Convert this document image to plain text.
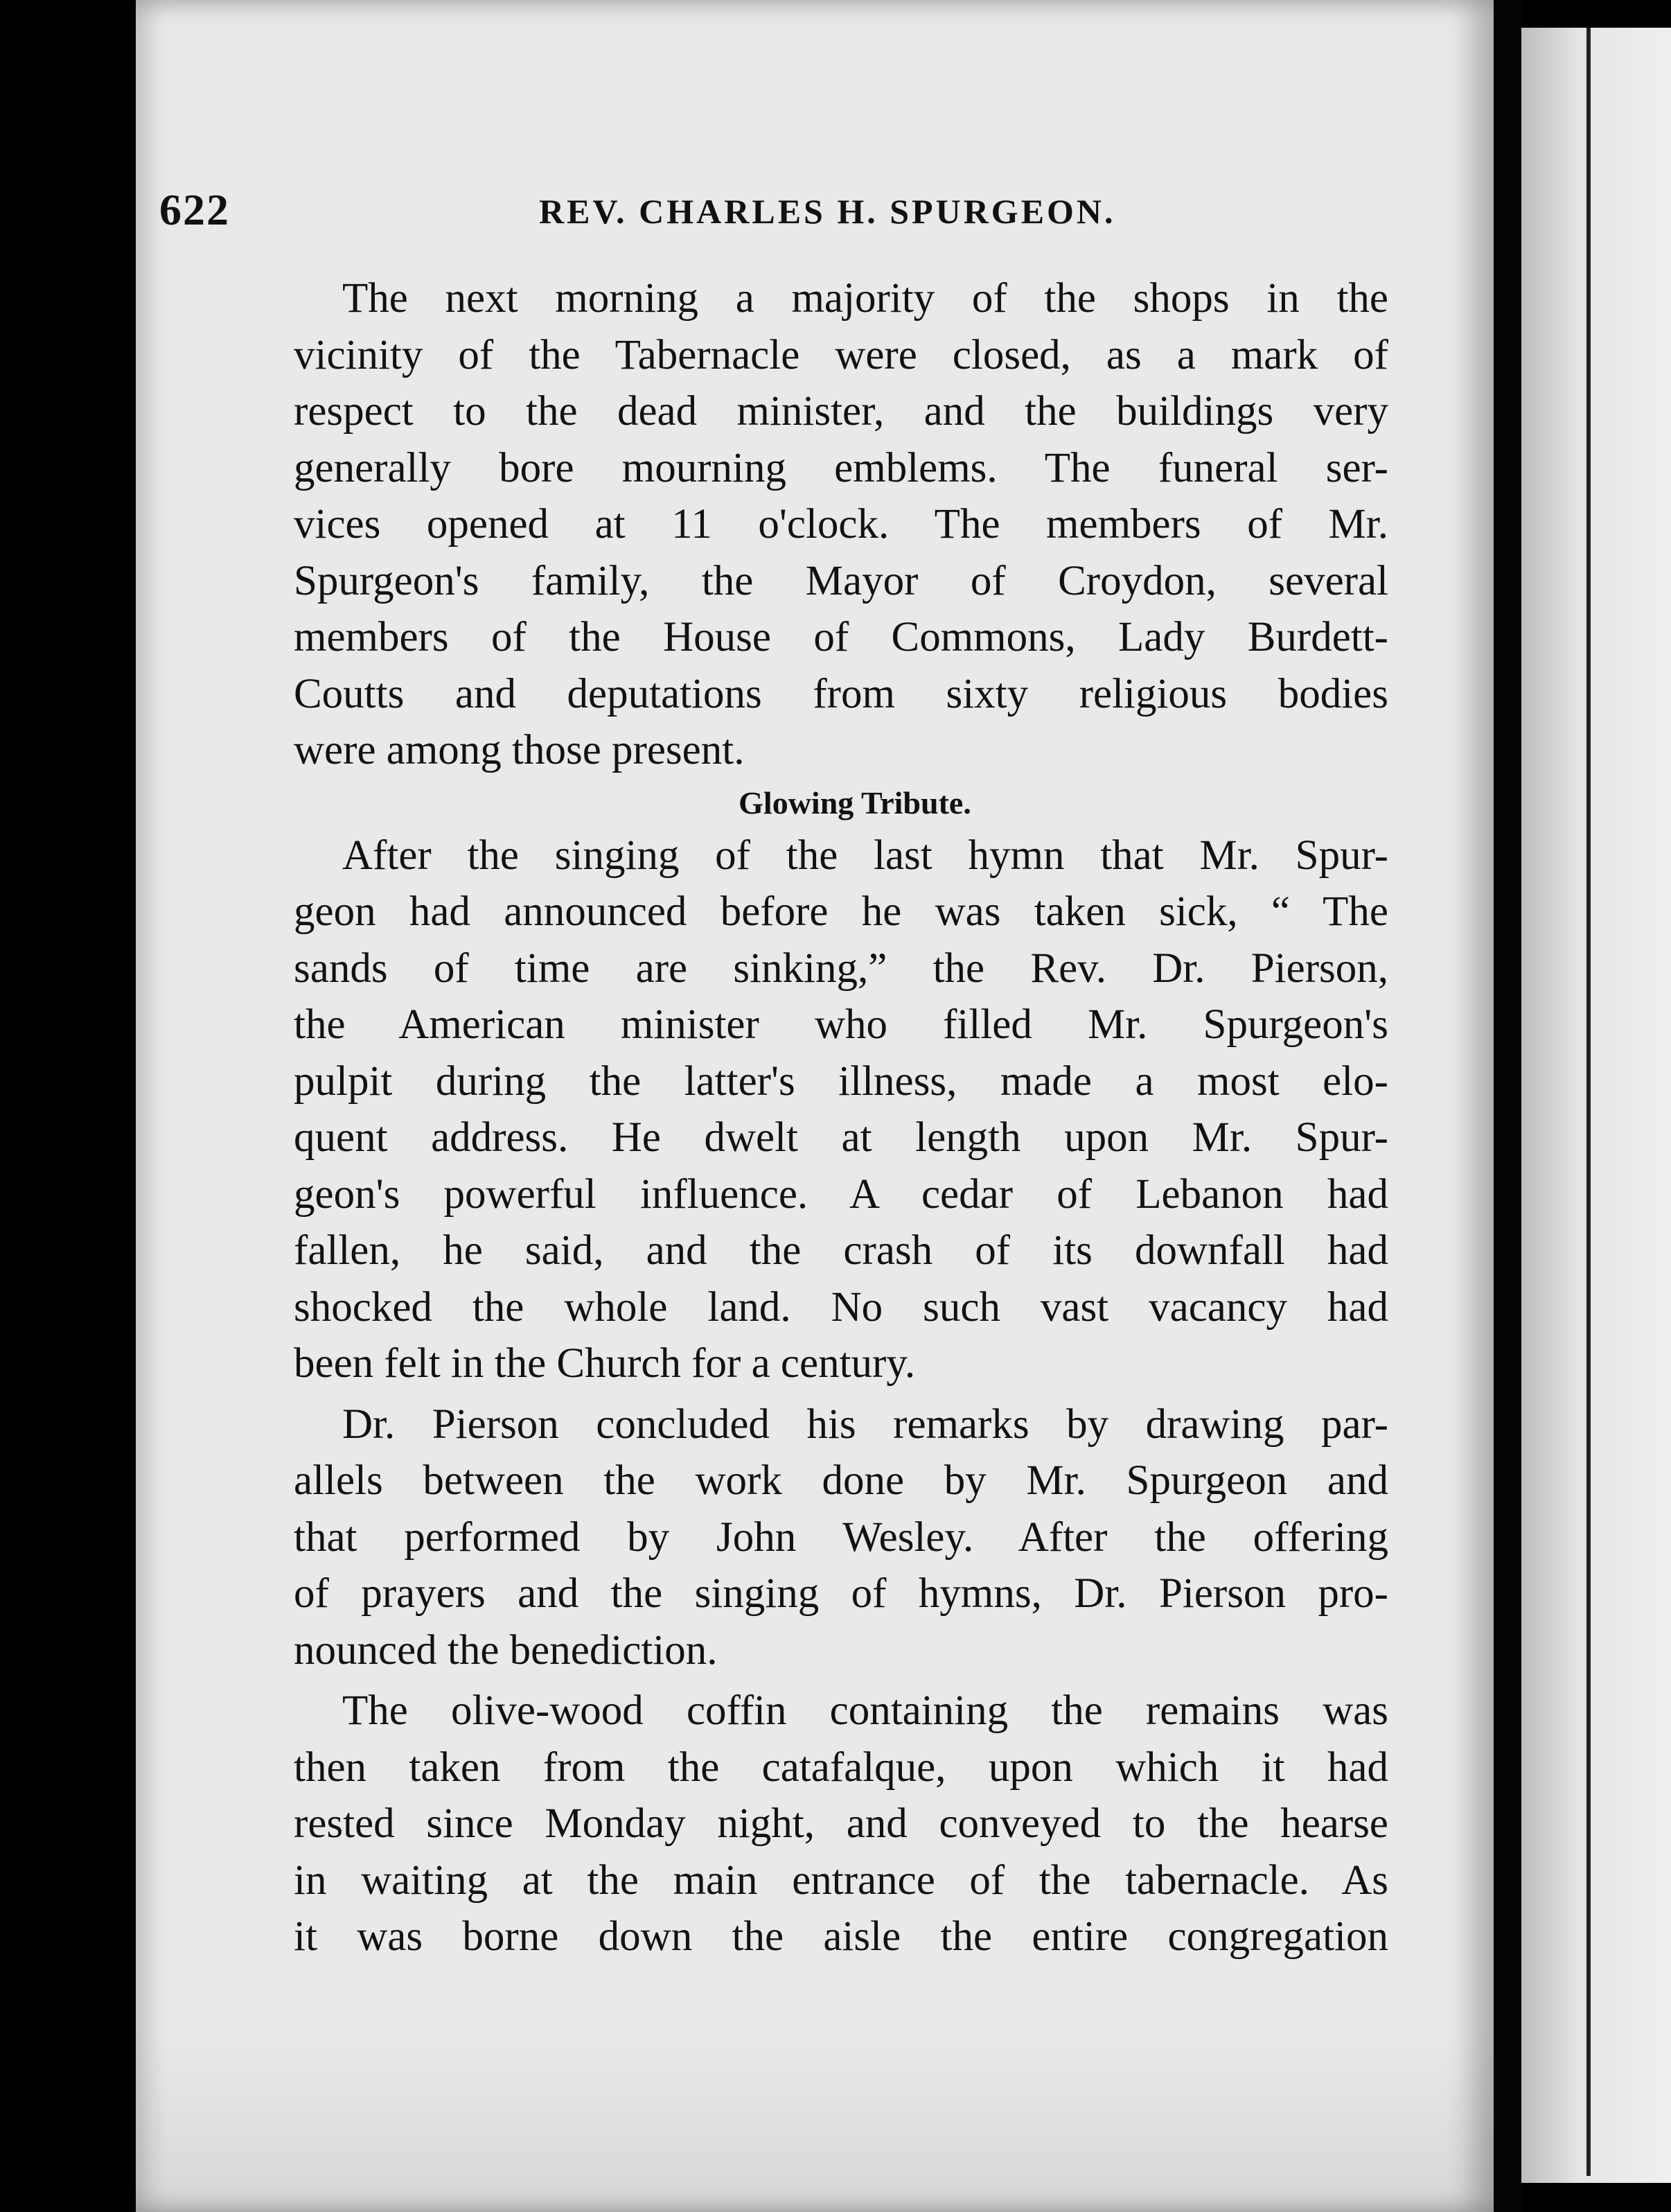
622	REV. CHARLES H. SPURGEON.
The next morning a majority of the shops in the
vicinity of the Tabernacle were closed, as a mark of
respect to the dead minister, and the buildings very
generally bore mourning emblems. The funeral ser-
vices opened at 11 o'clock. The members of Mr.
Spurgeon's family, the Mayor of Croydon, several
members of the House of Commons, Lady Burdett-
Coutts and deputations from sixty religious bodies
were among those present.
Glowing Tribute.
After the singing of the last hymn that Mr. Spur-
geon had announced before he was taken sick, “ The
sands of time are sinking,” the Rev. Dr. Pierson,
the American minister who filled Mr. Spurgeon's
pulpit during the latter's illness, made a most elo-
quent address. He dwelt at length upon Mr. Spur-
geon's powerful influence. A cedar of Lebanon had
fallen, he said, and the crash of its downfall had
shocked the whole land. No such vast vacancy had
been felt in the Church for a century.
Dr. Pierson concluded his remarks by drawing par-
allels between the work done by Mr. Spurgeon and
that performed by John Wesley. After the offering
of prayers and the singing of hymns, Dr. Pierson pro-
nounced the benediction.
The olive-wood coffin containing the remains was
then taken from the catafalque, upon which it had
rested since Monday night, and conveyed to the hearse
in waiting at the main entrance of the tabernacle. As
it was borne down the aisle the entire congregation
